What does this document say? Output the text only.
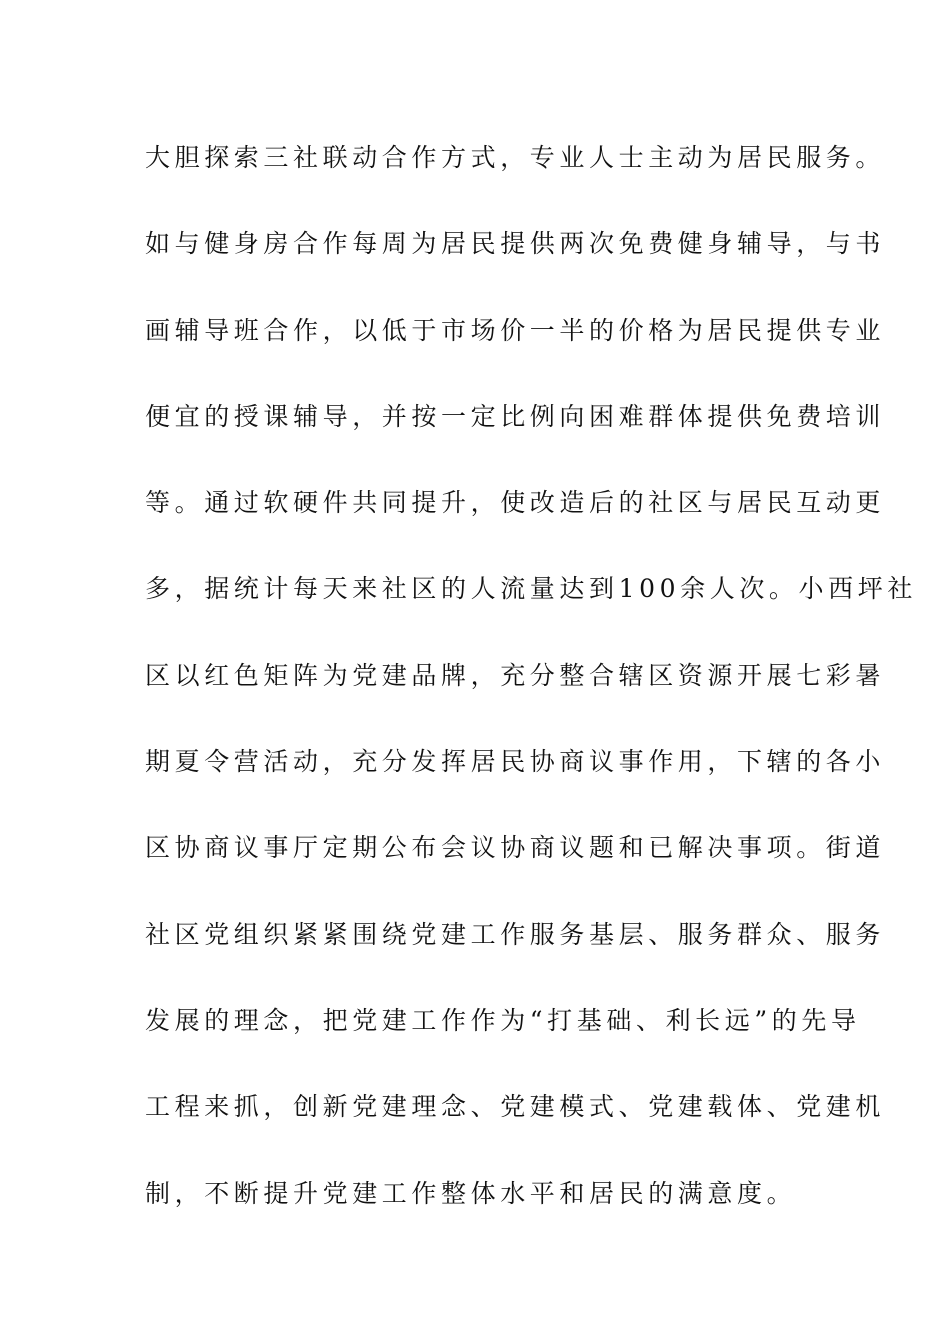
大胆探索三社联动合作方式，专业人士主动为居民服务。
如与健身房合作每周为居民提供两次免费健身辅导，与书
画辅导班合作，以低于市场价一半的价格为居民提供专业
便宜的授课辅导，并按一定比例向困难群体提供免费培训
等。通过软硬件共同提升，使改造后的社区与居民互动更
多，据统计每天来社区的人流量达到100余人次。小西坪社
区以红色矩阵为党建品牌，充分整合辖区资源开展七彩暑
期夏令营活动，充分发挥居民协商议事作用，下辖的各小
区协商议事厅定期公布会议协商议题和已解决事项。街道
社区党组织紧紧围绕党建工作服务基层、服务群众、服务
发展的理念，把党建工作作为“打基础、利长远”的先导
工程来抓，创新党建理念、党建模式、党建载体、党建机
制，不断提升党建工作整体水平和居民的满意度。
